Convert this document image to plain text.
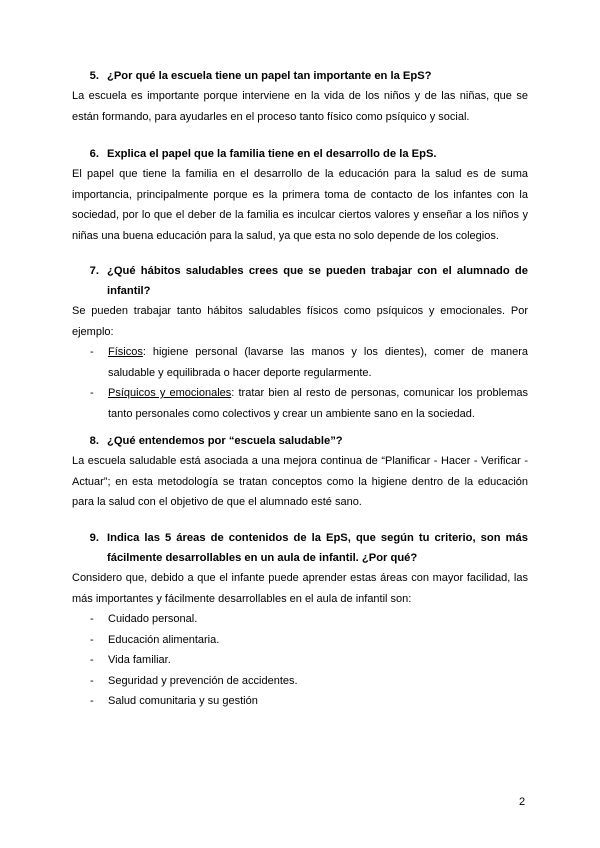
5. ¿Por qué la escuela tiene un papel tan importante en la EpS?

La escuela es importante porque interviene en la vida de los niños y de las niñas, que se están formando, para ayudarles en el proceso tanto físico como psíquico y social.

6. Explica el papel que la familia tiene en el desarrollo de la EpS.

El papel que tiene la familia en el desarrollo de la educación para la salud es de suma importancia, principalmente porque es la primera toma de contacto de los infantes con la sociedad, por lo que el deber de la familia es inculcar ciertos valores y enseñar a los niños y niñas una buena educación para la salud, ya que esta no solo depende de los colegios.

7. ¿Qué hábitos saludables crees que se pueden trabajar con el alumnado de infantil?

Se pueden trabajar tanto hábitos saludables físicos como psíquicos y emocionales. Por ejemplo:

-	Físicos: higiene personal (lavarse las manos y los dientes), comer de manera saludable y equilibrada o hacer deporte regularmente.
-	Psíquicos y emocionales: tratar bien al resto de personas, comunicar los problemas tanto personales como colectivos y crear un ambiente sano en la sociedad.
8. ¿Qué entendemos por “escuela saludable”?

La escuela saludable está asociada a una mejora continua de “Planificar - Hacer - Verificar - Actuar”; en esta metodología se tratan conceptos como la higiene dentro de la educación para la salud con el objetivo de que el alumnado esté sano.

9. Indica las 5 áreas de contenidos de la EpS, que según tu criterio, son más fácilmente desarrollables en un aula de infantil. ¿Por qué?

Considero que, debido a que el infante puede aprender estas áreas con mayor facilidad, las más importantes y fácilmente desarrollables en el aula de infantil son:

-	Cuidado personal.
-	Educación alimentaria.
-	Vida familiar.
-	Seguridad y prevención de accidentes.
-	Salud comunitaria y su gestión
2
